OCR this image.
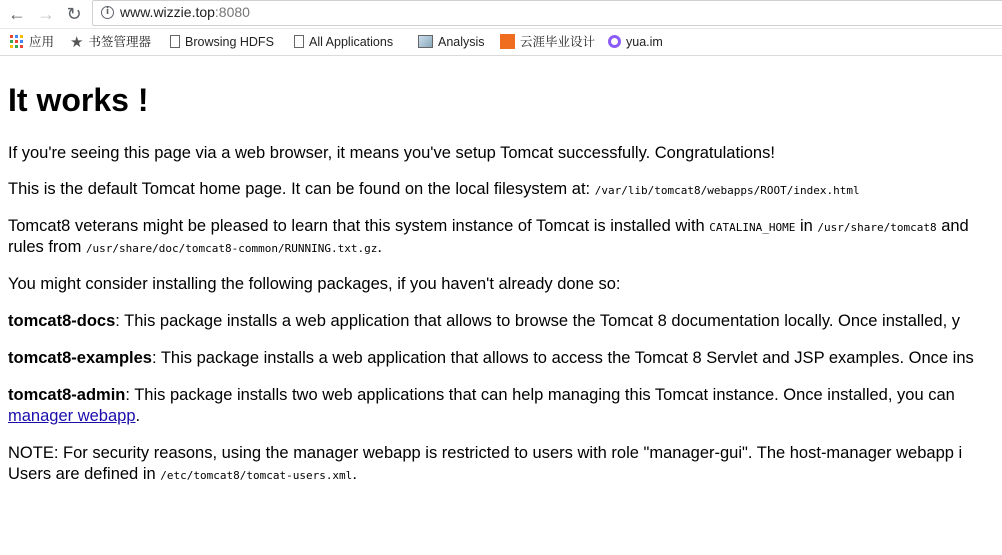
← → ↻	i www.wizzie.top:8080
应用 ★ 书签管理器	Browsing HDFS	All Applications	Analysis	云涯毕业设计	yua.im
It works !

If you're seeing this page via a web browser, it means you've setup Tomcat successfully. Congratulations!

This is the default Tomcat home page. It can be found on the local filesystem at: /var/lib/tomcat8/webapps/ROOT/index.html

Tomcat8 veterans might be pleased to learn that this system instance of Tomcat is installed with CATALINA_HOME in /usr/share/tomcat8 and

rules from /usr/share/doc/tomcat8-common/RUNNING.txt.gz.

You might consider installing the following packages, if you haven't already done so:

tomcat8-docs: This package installs a web application that allows to browse the Tomcat 8 documentation locally. Once installed, y

tomcat8-examples: This package installs a web application that allows to access the Tomcat 8 Servlet and JSP examples. Once ins

tomcat8-admin: This package installs two web applications that can help managing this Tomcat instance. Once installed, you can

manager webapp.

NOTE: For security reasons, using the manager webapp is restricted to users with role "manager-gui". The host-manager webapp i

Users are defined in /etc/tomcat8/tomcat-users.xml.
